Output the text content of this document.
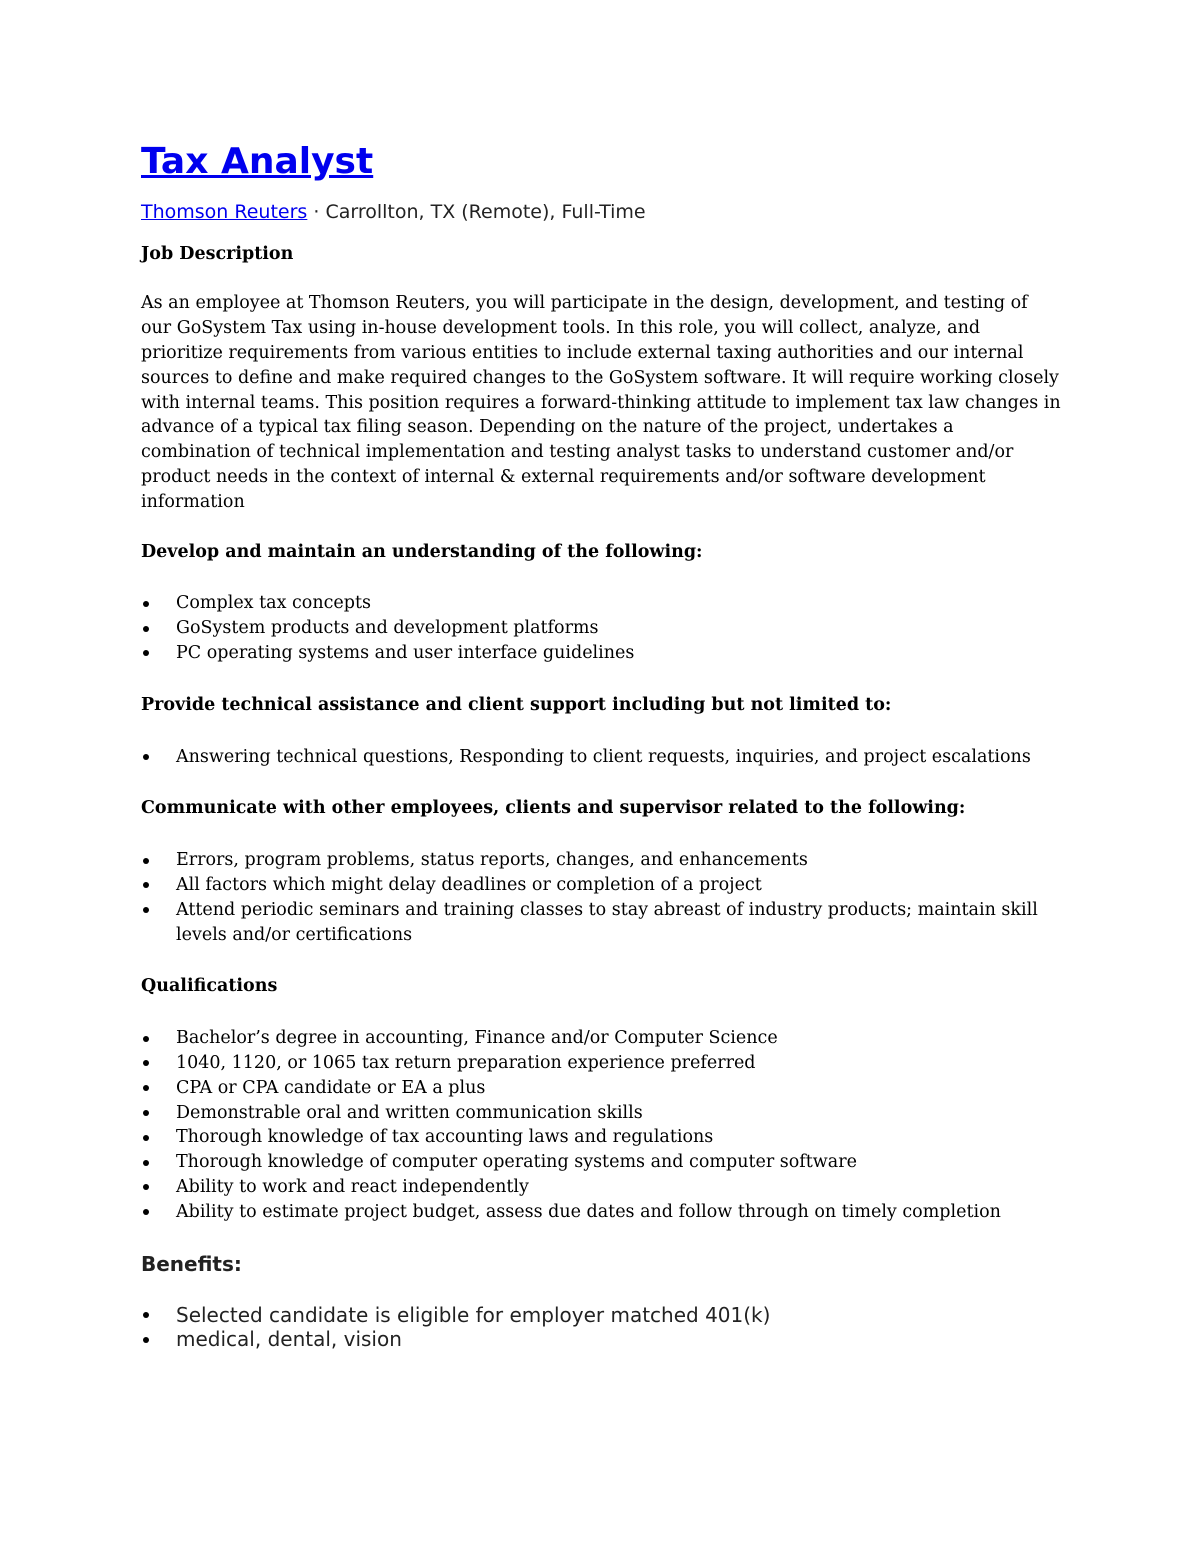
Tax Analyst
Thomson Reuters · Carrollton, TX (Remote), Full-Time

Job Description

As an employee at Thomson Reuters, you will participate in the design, development, and testing of our GoSystem Tax using in-house development tools. In this role, you will collect, analyze, and prioritize requirements from various entities to include external taxing authorities and our internal sources to define and make required changes to the GoSystem software. It will require working closely with internal teams. This position requires a forward-thinking attitude to implement tax law changes in advance of a typical tax filing season. Depending on the nature of the project, undertakes a combination of technical implementation and testing analyst tasks to understand customer and/or product needs in the context of internal & external requirements and/or software development information

Develop and maintain an understanding of the following:

Complex tax concepts
GoSystem products and development platforms
PC operating systems and user interface guidelines

Provide technical assistance and client support including but not limited to:

Answering technical questions, Responding to client requests, inquiries, and project escalations

Communicate with other employees, clients and supervisor related to the following:

Errors, program problems, status reports, changes, and enhancements
All factors which might delay deadlines or completion of a project
Attend periodic seminars and training classes to stay abreast of industry products; maintain skill levels and/or certifications

Qualifications

Bachelor’s degree in accounting, Finance and/or Computer Science
1040, 1120, or 1065 tax return preparation experience preferred
CPA or CPA candidate or EA a plus
Demonstrable oral and written communication skills
Thorough knowledge of tax accounting laws and regulations
Thorough knowledge of computer operating systems and computer software
Ability to work and react independently
Ability to estimate project budget, assess due dates and follow through on timely completion

Benefits:

Selected candidate is eligible for employer matched 401(k)
medical, dental, vision
